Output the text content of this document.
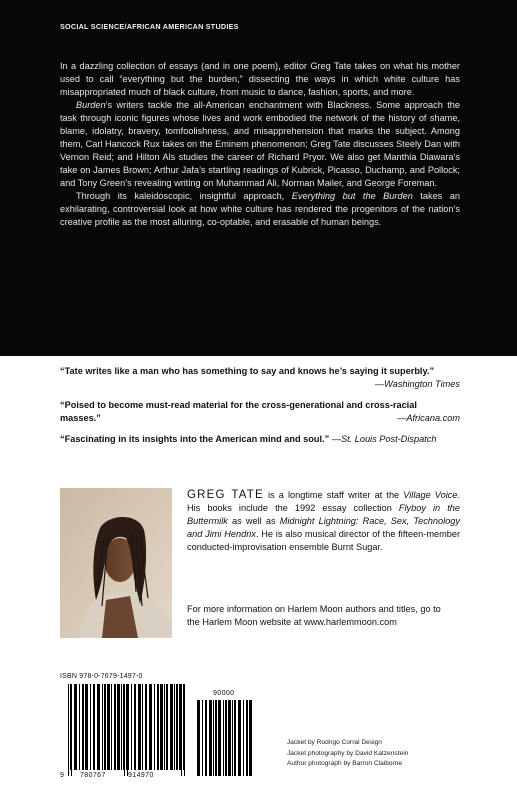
SOCIAL SCIENCE/AFRICAN AMERICAN STUDIES

In a dazzling collection of essays (and in one poem), editor Greg Tate takes on what his mother used to call “everything but the burden,” dissecting the ways in which white culture has misappropriated much of black culture, from music to dance, fashion, sports, and more.

Burden’s writers tackle the all-American enchantment with Blackness. Some approach the task through iconic figures whose lives and work embodied the network of the history of shame, blame, idolatry, bravery, tomfoolishness, and misapprehension that marks the subject. Among them, Carl Hancock Rux takes on the Eminem phenomenon; Greg Tate discusses Steely Dan with Vernon Reid; and Hilton Als studies the career of Richard Pryor. We also get Manthia Diawara’s take on James Brown; Arthur Jafa’s startling readings of Kubrick, Picasso, Duchamp, and Pollock; and Tony Green’s revealing writing on Muhammad Ali, Norman Mailer, and George Foreman.

Through its kaleidoscopic, insightful approach, Everything but the Burden takes an exhilarating, controversial look at how white culture has rendered the progenitors of the nation’s creative profile as the most alluring, co-optable, and erasable of human beings.

“Tate writes like a man who has something to say and knows he’s saying it superbly.”
—Washington Times
“Poised to become must-read material for the cross-generational and cross-racial masses.”	—Africana.com
“Fascinating in its insights into the American mind and soul.” —St. Louis Post-Dispatch
GREG TATE is a longtime staff writer at the Village Voice. His books include the 1992 essay collection Flyboy in the Buttermilk as well as Midnight Lightning: Race, Sex, Technology and Jimi Hendrix. He is also musical director of the fifteen-member conducted-improvisation ensemble Burnt Sugar.
For more information on Harlem Moon authors and titles, go to the Harlem Moon website at www.harlemmoon.com
ISBN 978-0-7679-1497-0
9 780767	914970
90000
Jacket by Rodrigo Corral Design
Jacket photography by David Katzenstein
Author photograph by Barron Claiborne
